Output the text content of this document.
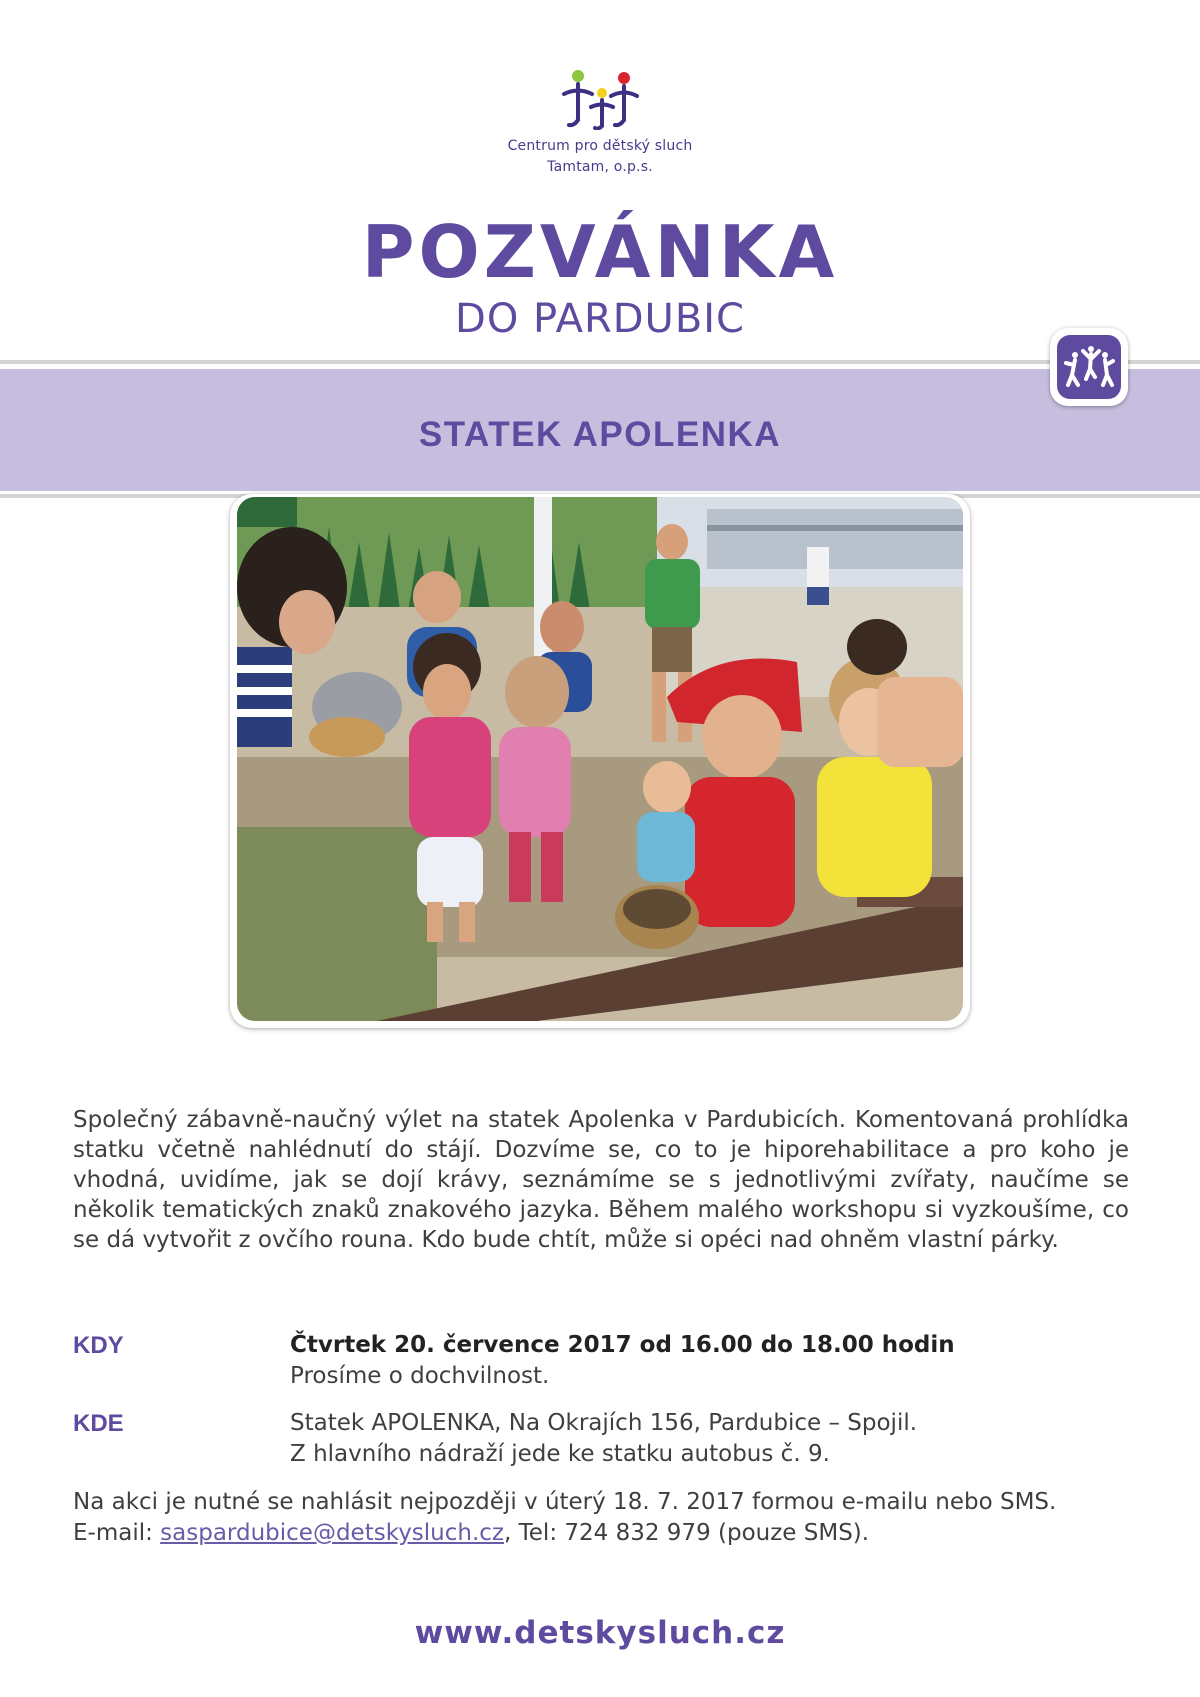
Centrum pro dětský sluch
Tamtam, o.p.s.
POZVÁNKA
DO PARDUBIC
STATEK APOLENKA
Společný zábavně-naučný výlet na statek Apolenka v Pardubicích. Komentovaná prohlídka statku včetně nahlédnutí do stájí. Dozvíme se, co to je hiporehabilitace a pro koho je vhodná, uvidíme, jak se dojí krávy, seznámíme se s jednotlivými zvířaty, naučíme se několik tematických znaků znakového jazyka. Během malého workshopu si vyzkoušíme, co se dá vytvořit z ovčího rouna. Kdo bude chtít, může si opéci nad ohněm vlastní párky.
KDY	Čtvrtek 20. července 2017 od 16.00 do 18.00 hodin
Prosíme o dochvilnost.
KDE	Statek APOLENKA, Na Okrajích 156, Pardubice – Spojil.
Z hlavního nádraží jede ke statku autobus č. 9.
Na akci je nutné se nahlásit nejpozději v úterý 18. 7. 2017 formou e-mailu nebo SMS.
E-mail: saspardubice@detskysluch.cz, Tel: 724 832 979 (pouze SMS).
www.detskysluch.cz
